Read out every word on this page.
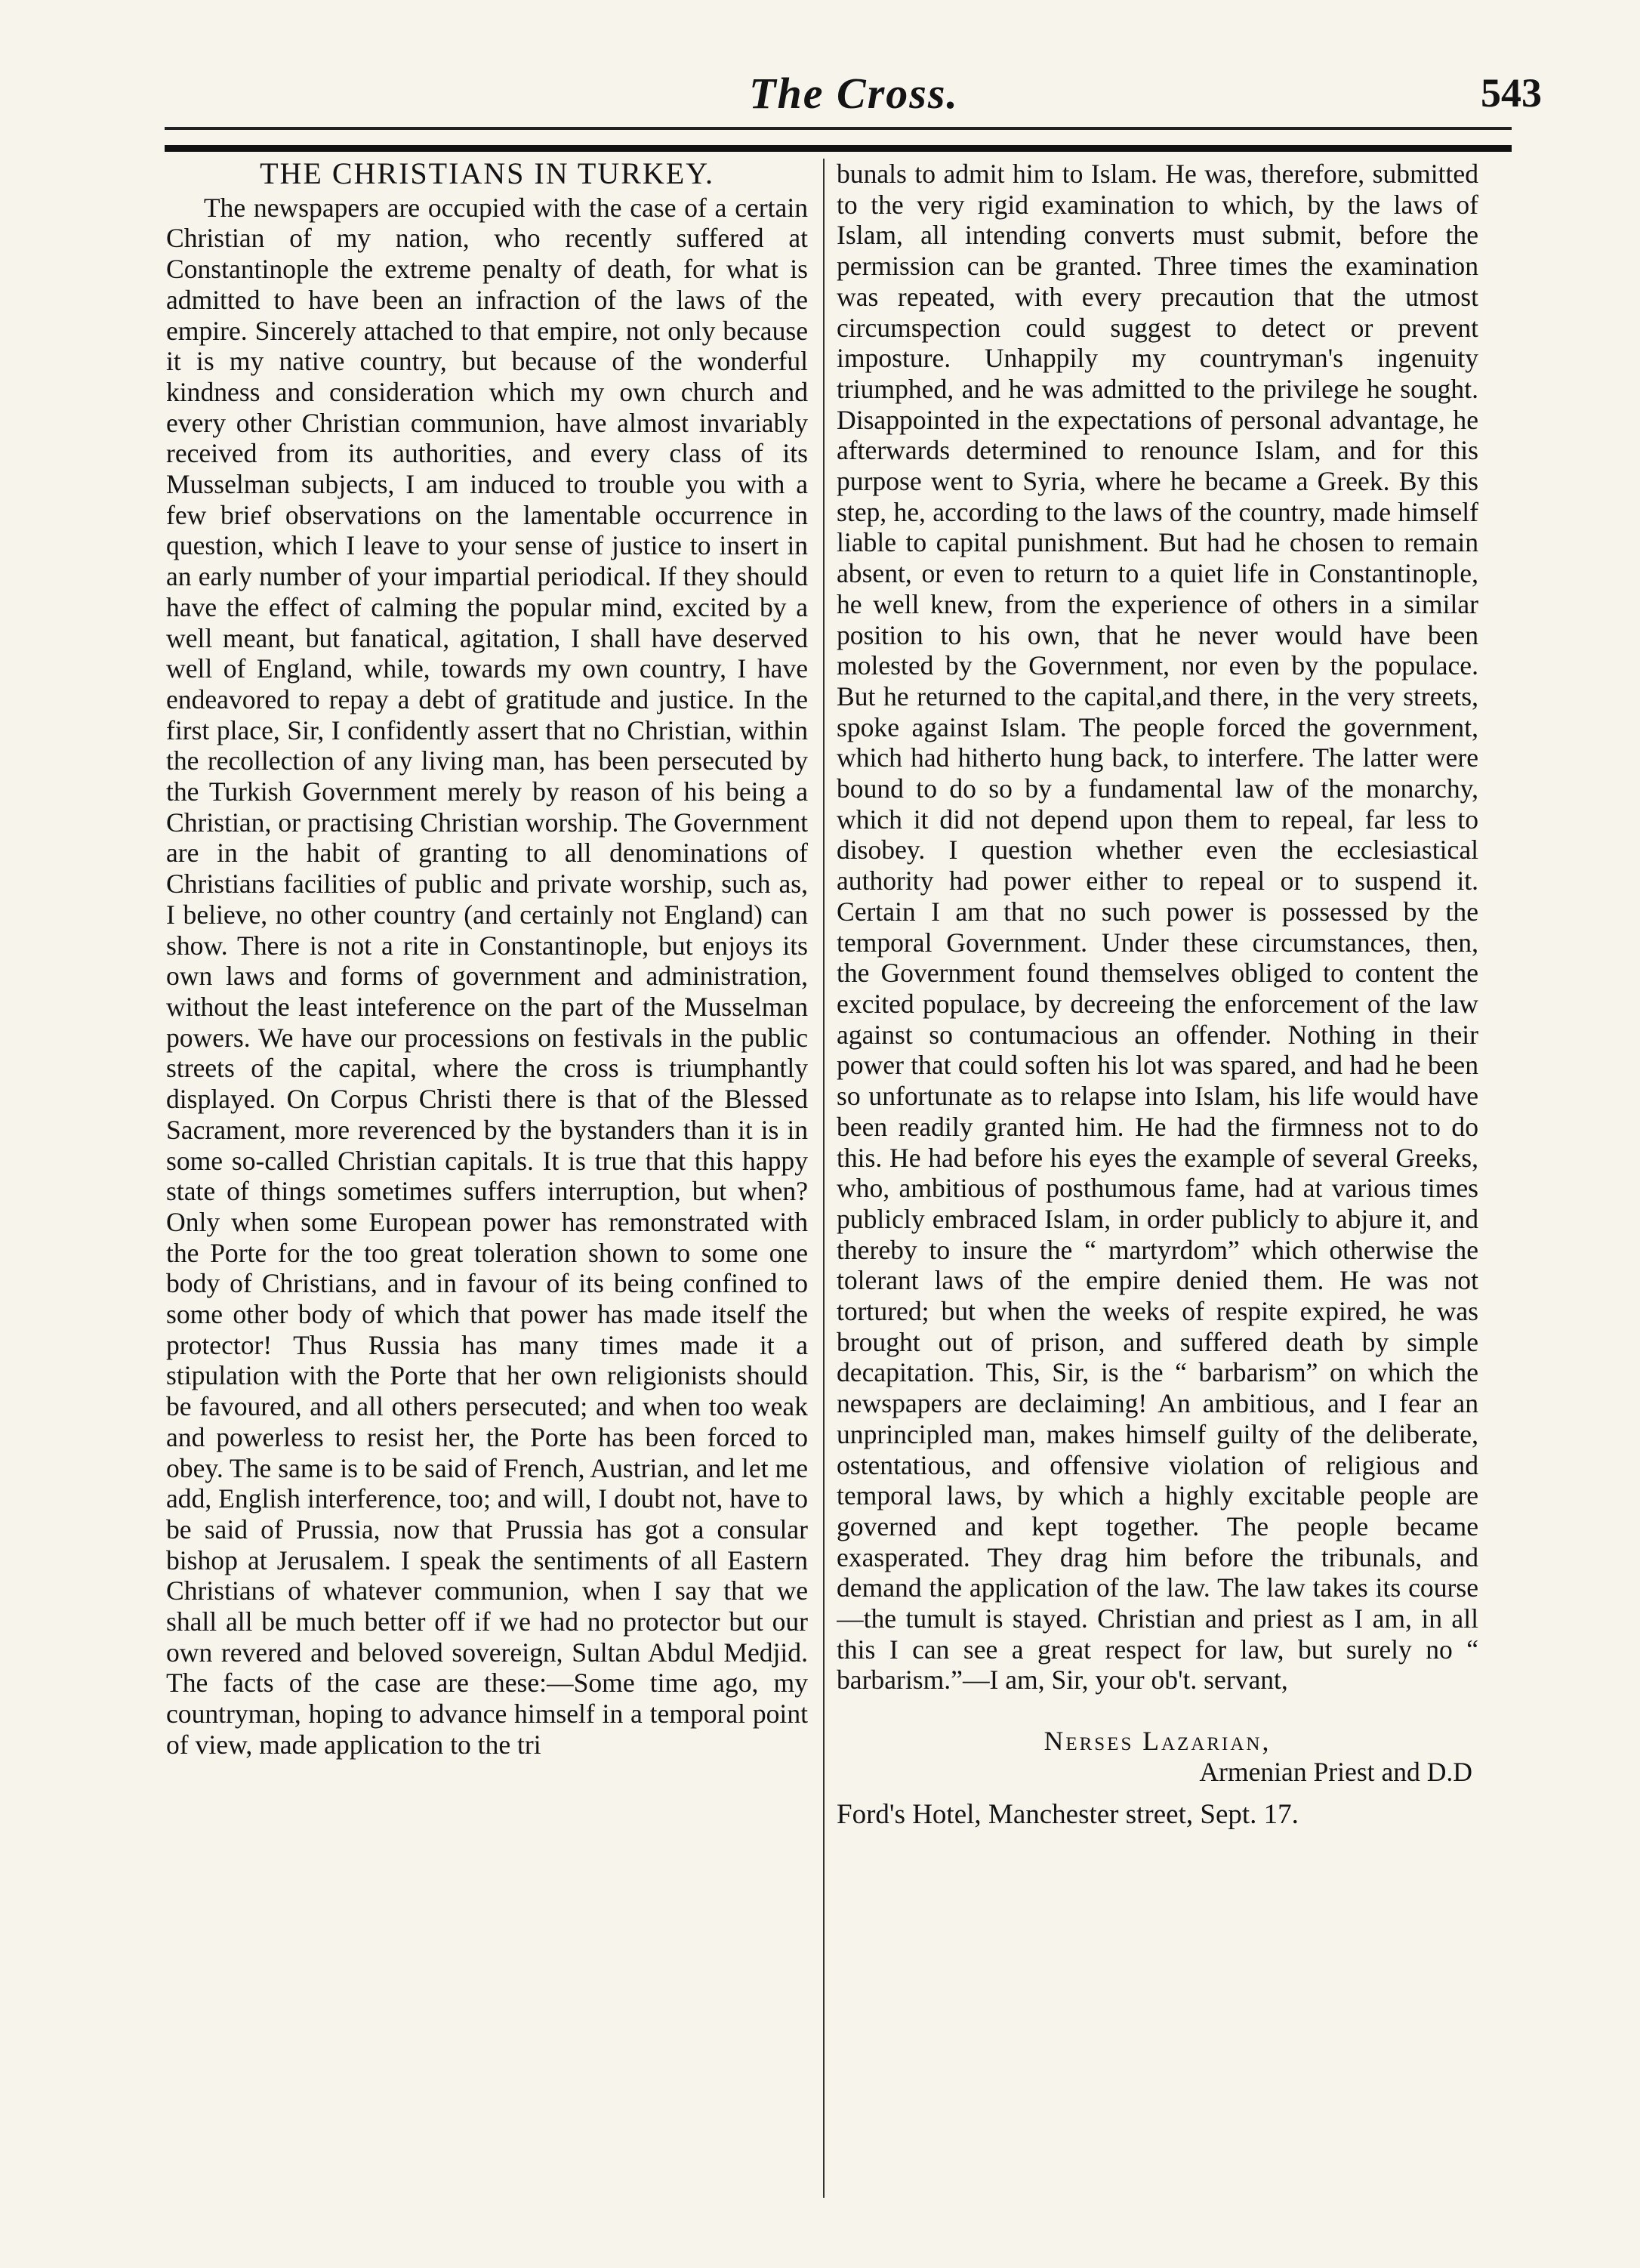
The Cross.	543
THE CHRISTIANS IN TURKEY.

The newspapers are occupied with the case of a certain Christian of my nation, who recently suffered at Constantinople the extreme penalty of death, for what is admitted to have been an infraction of the laws of the empire. Sincerely attached to that empire, not only because it is my native country, but because of the wonderful kindness and consideration which my own church and every other Christian communion, have almost invariably received from its authorities, and every class of its Musselman subjects, I am induced to trouble you with a few brief observations on the lamentable occurrence in question, which I leave to your sense of justice to insert in an early number of your impartial periodical. If they should have the effect of calming the popular mind, excited by a well meant, but fanatical, agitation, I shall have deserved well of England, while, towards my own country, I have endeavored to repay a debt of gratitude and justice. In the first place, Sir, I confidently assert that no Christian, within the recollection of any living man, has been persecuted by the Turkish Government merely by reason of his being a Christian, or practising Christian worship. The Government are in the habit of granting to all denominations of Christians facilities of public and private worship, such as, I believe, no other country (and certainly not England) can show. There is not a rite in Constantinople, but enjoys its own laws and forms of government and administration, without the least inteference on the part of the Musselman powers. We have our processions on festivals in the public streets of the capital, where the cross is triumphantly displayed. On Corpus Christi there is that of the Blessed Sacrament, more reverenced by the bystanders than it is in some so-called Christian capitals. It is true that this happy state of things sometimes suffers interruption, but when? Only when some European power has remonstrated with the Porte for the too great toleration shown to some one body of Christians, and in favour of its being confined to some other body of which that power has made itself the protector! Thus Russia has many times made it a stipulation with the Porte that her own religionists should be favoured, and all others persecuted; and when too weak and powerless to resist her, the Porte has been forced to obey. The same is to be said of French, Austrian, and let me add, English interference, too; and will, I doubt not, have to be said of Prussia, now that Prussia has got a consular bishop at Jerusalem. I speak the sentiments of all Eastern Christians of whatever communion, when I say that we shall all be much better off if we had no protector but our own revered and beloved sovereign, Sultan Abdul Medjid. The facts of the case are these:—Some time ago, my countryman, hoping to advance himself in a temporal point of view, made application to the tri

bunals to admit him to Islam. He was, therefore, submitted to the very rigid examination to which, by the laws of Islam, all intending converts must submit, before the permission can be granted. Three times the examination was repeated, with every precaution that the utmost circumspection could suggest to detect or prevent imposture. Unhappily my countryman's ingenuity triumphed, and he was admitted to the privilege he sought. Disappointed in the expectations of personal advantage, he afterwards determined to renounce Islam, and for this purpose went to Syria, where he became a Greek. By this step, he, according to the laws of the country, made himself liable to capital punishment. But had he chosen to remain absent, or even to return to a quiet life in Constantinople, he well knew, from the experience of others in a similar position to his own, that he never would have been molested by the Government, nor even by the populace. But he returned to the capital,and there, in the very streets, spoke against Islam. The people forced the government, which had hitherto hung back, to interfere. The latter were bound to do so by a fundamental law of the monarchy, which it did not depend upon them to repeal, far less to disobey. I question whether even the ecclesiastical authority had power either to repeal or to suspend it. Certain I am that no such power is possessed by the temporal Government. Under these circumstances, then, the Government found themselves obliged to content the excited populace, by decreeing the enforcement of the law against so contumacious an offender. Nothing in their power that could soften his lot was spared, and had he been so unfortunate as to relapse into Islam, his life would have been readily granted him. He had the firmness not to do this. He had before his eyes the example of several Greeks, who, ambitious of posthumous fame, had at various times publicly embraced Islam, in order publicly to abjure it, and thereby to insure the “ martyrdom” which otherwise the tolerant laws of the empire denied them. He was not tortured; but when the weeks of respite expired, he was brought out of prison, and suffered death by simple decapitation. This, Sir, is the “ barbarism” on which the newspapers are declaiming! An ambitious, and I fear an unprincipled man, makes himself guilty of the deliberate, ostentatious, and offensive violation of religious and temporal laws, by which a highly excitable people are governed and kept together. The people became exasperated. They drag him before the tribunals, and demand the application of the law. The law takes its course—the tumult is stayed. Christian and priest as I am, in all this I can see a great respect for law, but surely no “ barbarism.”—I am, Sir, your ob't. servant,

Nerses Lazarian,
Armenian Priest and D.D
Ford's Hotel, Manchester street, Sept. 17.
